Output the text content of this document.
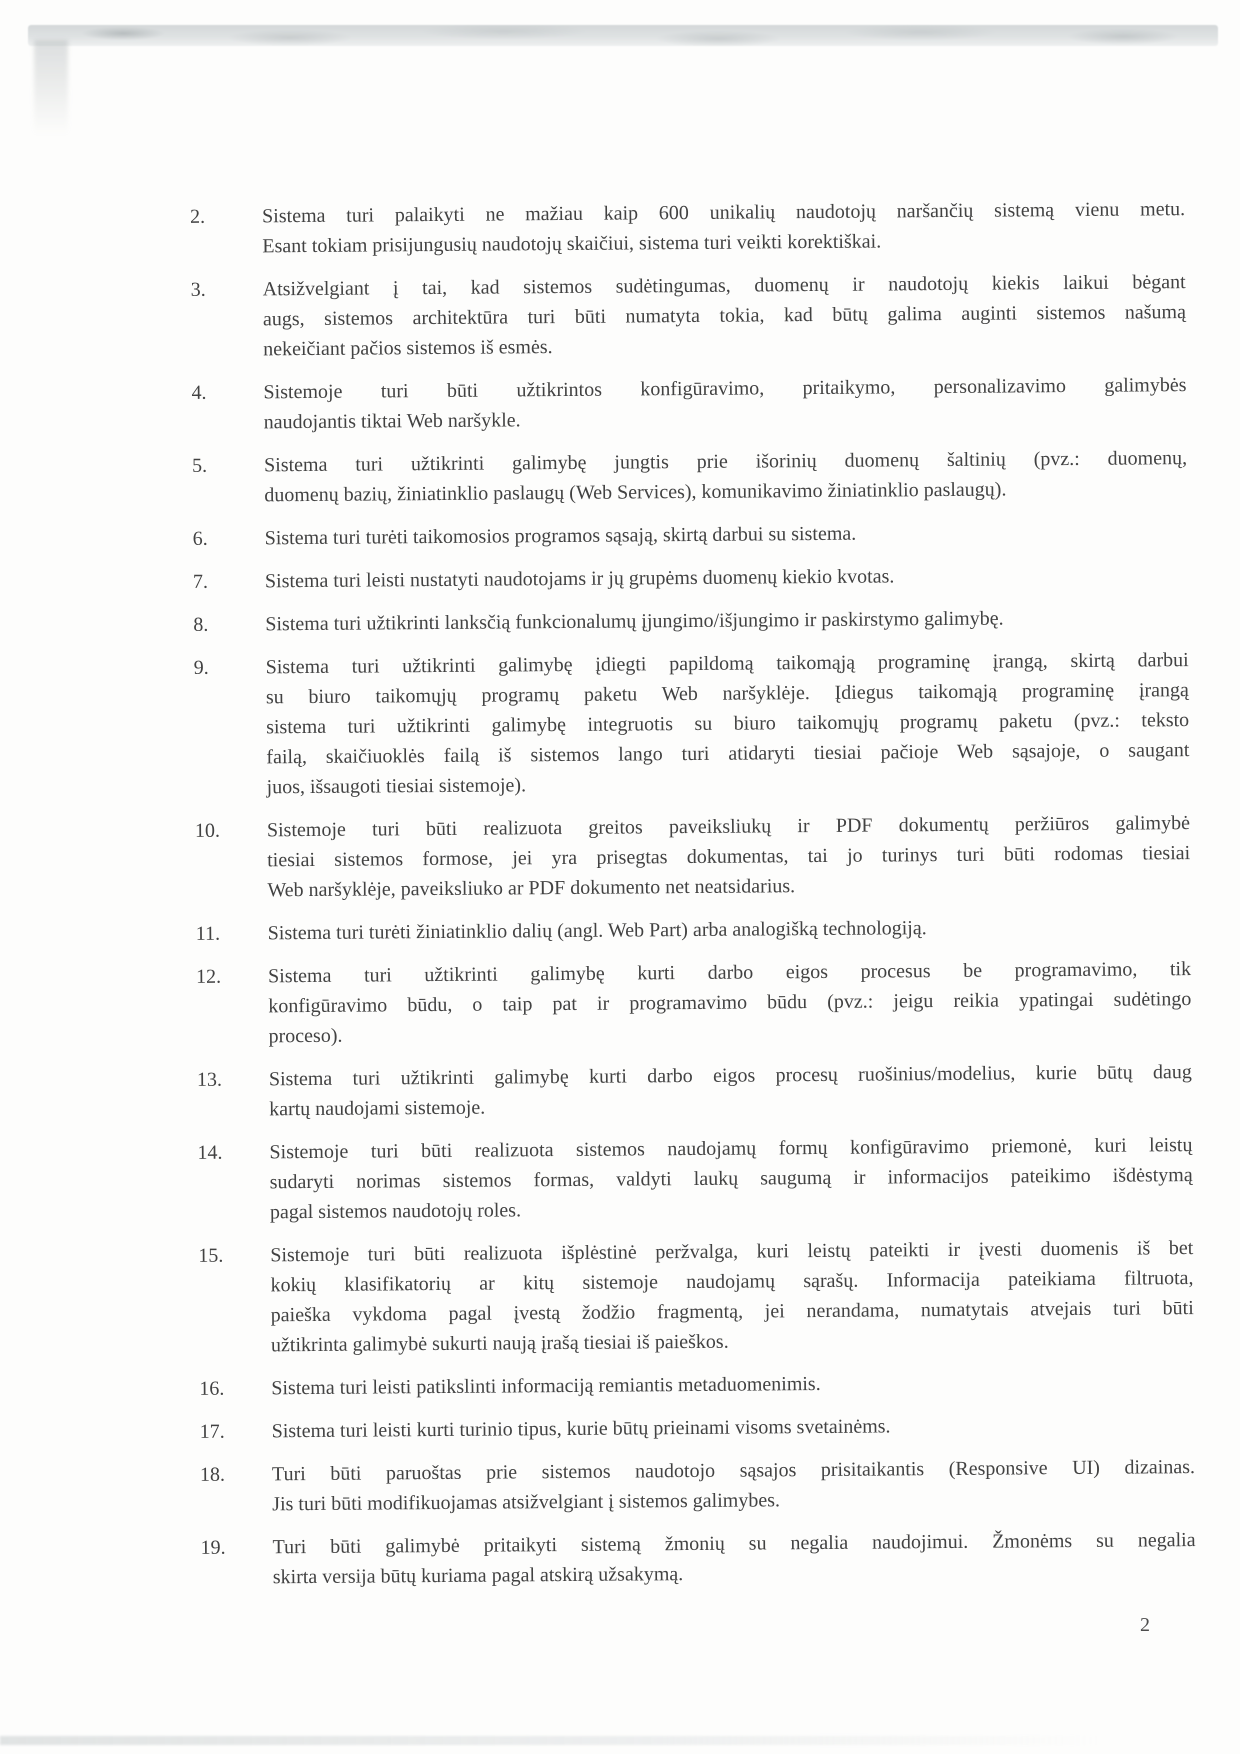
2.	Sistema turi palaikyti ne mažiau kaip 600 unikalių naudotojų naršančių sistemą vienu metu.
Esant tokiam prisijungusių naudotojų skaičiui, sistema turi veikti korektiškai.
3.	Atsižvelgiant į tai, kad sistemos sudėtingumas, duomenų ir naudotojų kiekis laikui bėgant
augs, sistemos architektūra turi būti numatyta tokia, kad būtų galima auginti sistemos našumą
nekeičiant pačios sistemos iš esmės.
4.	Sistemoje turi būti užtikrintos konfigūravimo, pritaikymo, personalizavimo galimybės
naudojantis tiktai Web naršykle.
5.	Sistema turi užtikrinti galimybę jungtis prie išorinių duomenų šaltinių (pvz.: duomenų,
duomenų bazių, žiniatinklio paslaugų (Web Services), komunikavimo žiniatinklio paslaugų).
6.	Sistema turi turėti taikomosios programos sąsają, skirtą darbui su sistema.
7.	Sistema turi leisti nustatyti naudotojams ir jų grupėms duomenų kiekio kvotas.
8.	Sistema turi užtikrinti lanksčią funkcionalumų įjungimo/išjungimo ir paskirstymo galimybę.
9.	Sistema turi užtikrinti galimybę įdiegti papildomą taikomąją programinę įrangą, skirtą darbui
su biuro taikomųjų programų paketu Web naršyklėje. Įdiegus taikomąją programinę įrangą
sistema turi užtikrinti galimybę integruotis su biuro taikomųjų programų paketu (pvz.: teksto
failą, skaičiuoklės failą iš sistemos lango turi atidaryti tiesiai pačioje Web sąsajoje, o saugant
juos, išsaugoti tiesiai sistemoje).
10.	Sistemoje turi būti realizuota greitos paveiksliukų ir PDF dokumentų peržiūros galimybė
tiesiai sistemos formose, jei yra prisegtas dokumentas, tai jo turinys turi būti rodomas tiesiai
Web naršyklėje, paveiksliuko ar PDF dokumento net neatsidarius.
11.	Sistema turi turėti žiniatinklio dalių (angl. Web Part) arba analogišką technologiją.
12.	Sistema turi užtikrinti galimybę kurti darbo eigos procesus be programavimo, tik
konfigūravimo būdu, o taip pat ir programavimo būdu (pvz.: jeigu reikia ypatingai sudėtingo
proceso).
13.	Sistema turi užtikrinti galimybę kurti darbo eigos procesų ruošinius/modelius, kurie būtų daug
kartų naudojami sistemoje.
14.	Sistemoje turi būti realizuota sistemos naudojamų formų konfigūravimo priemonė, kuri leistų
sudaryti norimas sistemos formas, valdyti laukų saugumą ir informacijos pateikimo išdėstymą
pagal sistemos naudotojų roles.
15.	Sistemoje turi būti realizuota išplėstinė peržvalga, kuri leistų pateikti ir įvesti duomenis iš bet
kokių klasifikatorių ar kitų sistemoje naudojamų sąrašų. Informacija pateikiama filtruota,
paieška vykdoma pagal įvestą žodžio fragmentą, jei nerandama, numatytais atvejais turi būti
užtikrinta galimybė sukurti naują įrašą tiesiai iš paieškos.
16.	Sistema turi leisti patikslinti informaciją remiantis metaduomenimis.
17.	Sistema turi leisti kurti turinio tipus, kurie būtų prieinami visoms svetainėms.
18.	Turi būti paruoštas prie sistemos naudotojo sąsajos prisitaikantis (Responsive UI) dizainas.
Jis turi būti modifikuojamas atsižvelgiant į sistemos galimybes.
19.	Turi būti galimybė pritaikyti sistemą žmonių su negalia naudojimui. Žmonėms su negalia
skirta versija būtų kuriama pagal atskirą užsakymą.
2
